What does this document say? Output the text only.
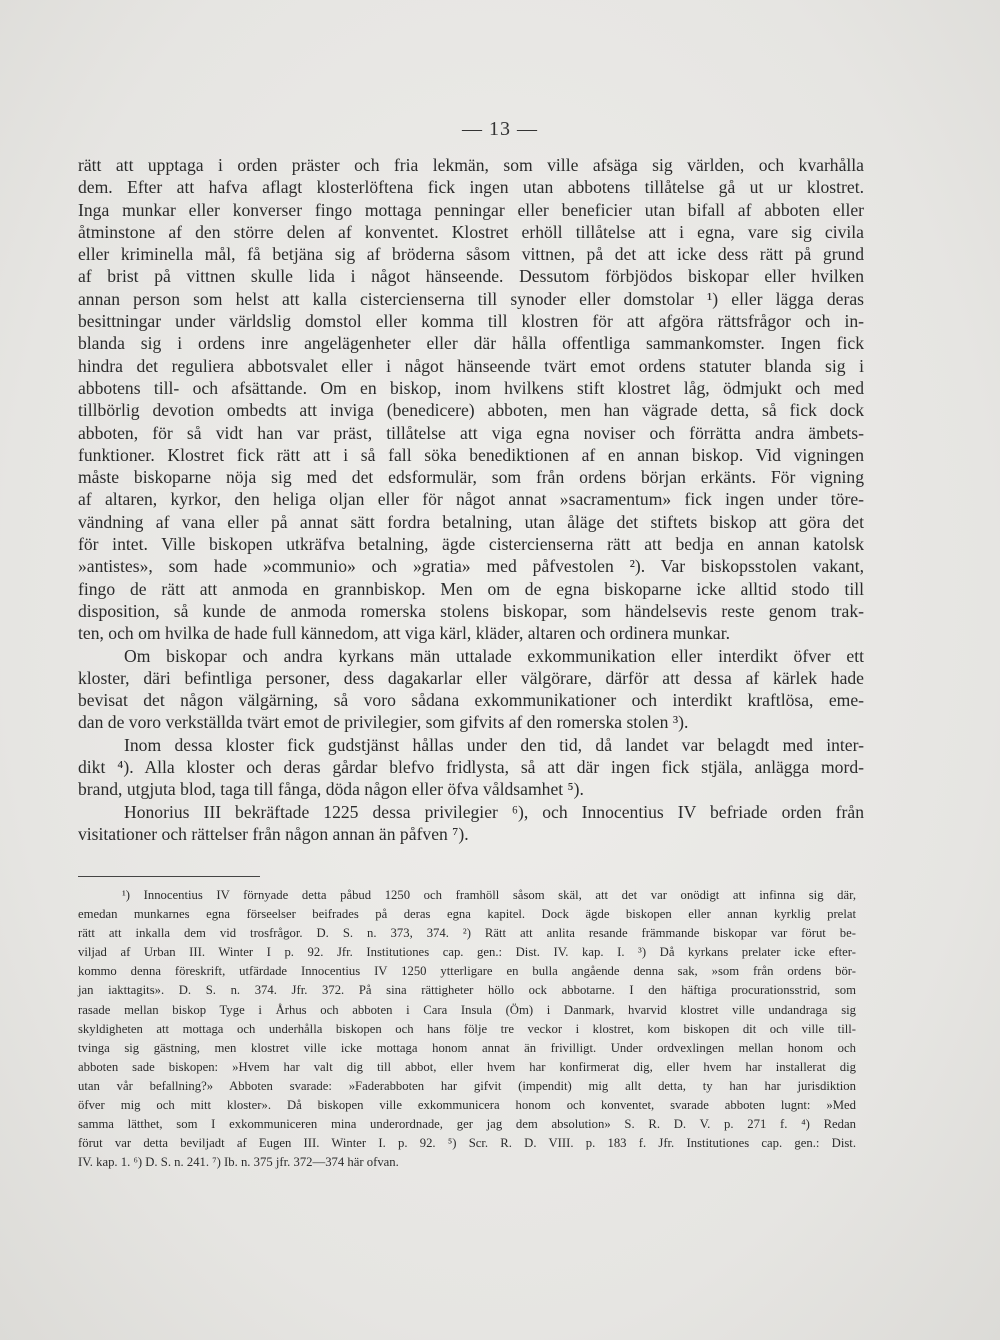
— 13 —
rätt att upptaga i orden präster och fria lekmän, som ville afsäga sig världen, och kvarhålla
dem. Efter att hafva aflagt klosterlöftena fick ingen utan abbotens tillåtelse gå ut ur klostret.
Inga munkar eller konverser fingo mottaga penningar eller beneficier utan bifall af abboten eller
åtminstone af den större delen af konventet. Klostret erhöll tillåtelse att i egna, vare sig civila
eller kriminella mål, få betjäna sig af bröderna såsom vittnen, på det att icke dess rätt på grund
af brist på vittnen skulle lida i något hänseende. Dessutom förbjödos biskopar eller hvilken
annan person som helst att kalla cistercienserna till synoder eller domstolar ¹) eller lägga deras
besittningar under världslig domstol eller komma till klostren för att afgöra rättsfrågor och in-
blanda sig i ordens inre angelägenheter eller där hålla offentliga sammankomster. Ingen fick
hindra det reguliera abbotsvalet eller i något hänseende tvärt emot ordens statuter blanda sig i
abbotens till- och afsättande. Om en biskop, inom hvilkens stift klostret låg, ödmjukt och med
tillbörlig devotion ombedts att inviga (benedicere) abboten, men han vägrade detta, så fick dock
abboten, för så vidt han var präst, tillåtelse att viga egna noviser och förrätta andra ämbets-
funktioner. Klostret fick rätt att i så fall söka benediktionen af en annan biskop. Vid vigningen
måste biskoparne nöja sig med det edsformulär, som från ordens början erkänts. För vigning
af altaren, kyrkor, den heliga oljan eller för något annat »sacramentum» fick ingen under töre-
vändning af vana eller på annat sätt fordra betalning, utan åläge det stiftets biskop att göra det
för intet. Ville biskopen utkräfva betalning, ägde cistercienserna rätt att bedja en annan katolsk
»antistes», som hade »communio» och »gratia» med påfvestolen ²). Var biskopsstolen vakant,
fingo de rätt att anmoda en grannbiskop. Men om de egna biskoparne icke alltid stodo till
disposition, så kunde de anmoda romerska stolens biskopar, som händelsevis reste genom trak-
ten, och om hvilka de hade full kännedom, att viga kärl, kläder, altaren och ordinera munkar.
Om biskopar och andra kyrkans män uttalade exkommunikation eller interdikt öfver ett
kloster, däri befintliga personer, dess dagakarlar eller välgörare, därför att dessa af kärlek hade
bevisat det någon välgärning, så voro sådana exkommunikationer och interdikt kraftlösa, eme-
dan de voro verkställda tvärt emot de privilegier, som gifvits af den romerska stolen ³).
Inom dessa kloster fick gudstjänst hållas under den tid, då landet var belagdt med inter-
dikt ⁴). Alla kloster och deras gårdar blefvo fridlysta, så att där ingen fick stjäla, anlägga mord-
brand, utgjuta blod, taga till fånga, döda någon eller öfva våldsamhet ⁵).
Honorius III bekräftade 1225 dessa privilegier ⁶), och Innocentius IV befriade orden från
visitationer och rättelser från någon annan än påfven ⁷).
¹) Innocentius IV förnyade detta påbud 1250 och framhöll såsom skäl, att det var onödigt att infinna sig där,
emedan munkarnes egna förseelser beifrades på deras egna kapitel. Dock ägde biskopen eller annan kyrklig prelat
rätt att inkalla dem vid trosfrågor. D. S. n. 373, 374. ²) Rätt att anlita resande främmande biskopar var förut be-
viljad af Urban III. Winter I p. 92. Jfr. Institutiones cap. gen.: Dist. IV. kap. I. ³) Då kyrkans prelater icke efter-
kommo denna föreskrift, utfärdade Innocentius IV 1250 ytterligare en bulla angående denna sak, »som från ordens bör-
jan iakttagits». D. S. n. 374. Jfr. 372. På sina rättigheter höllo ock abbotarne. I den häftiga procurationsstrid, som
rasade mellan biskop Tyge i Århus och abboten i Cara Insula (Öm) i Danmark, hvarvid klostret ville undandraga sig
skyldigheten att mottaga och underhålla biskopen och hans följe tre veckor i klostret, kom biskopen dit och ville till-
tvinga sig gästning, men klostret ville icke mottaga honom annat än frivilligt. Under ordvexlingen mellan honom och
abboten sade biskopen: »Hvem har valt dig till abbot, eller hvem har konfirmerat dig, eller hvem har installerat dig
utan vår befallning?» Abboten svarade: »Faderabboten har gifvit (impendit) mig allt detta, ty han har jurisdiktion
öfver mig och mitt kloster». Då biskopen ville exkommunicera honom och konventet, svarade abboten lugnt: »Med
samma lätthet, som I exkommuniceren mina underordnade, ger jag dem absolution» S. R. D. V. p. 271 f. ⁴) Redan
förut var detta beviljadt af Eugen III. Winter I. p. 92. ⁵) Scr. R. D. VIII. p. 183 f. Jfr. Institutiones cap. gen.: Dist.
IV. kap. 1. ⁶) D. S. n. 241. ⁷) Ib. n. 375 jfr. 372—374 här ofvan.
